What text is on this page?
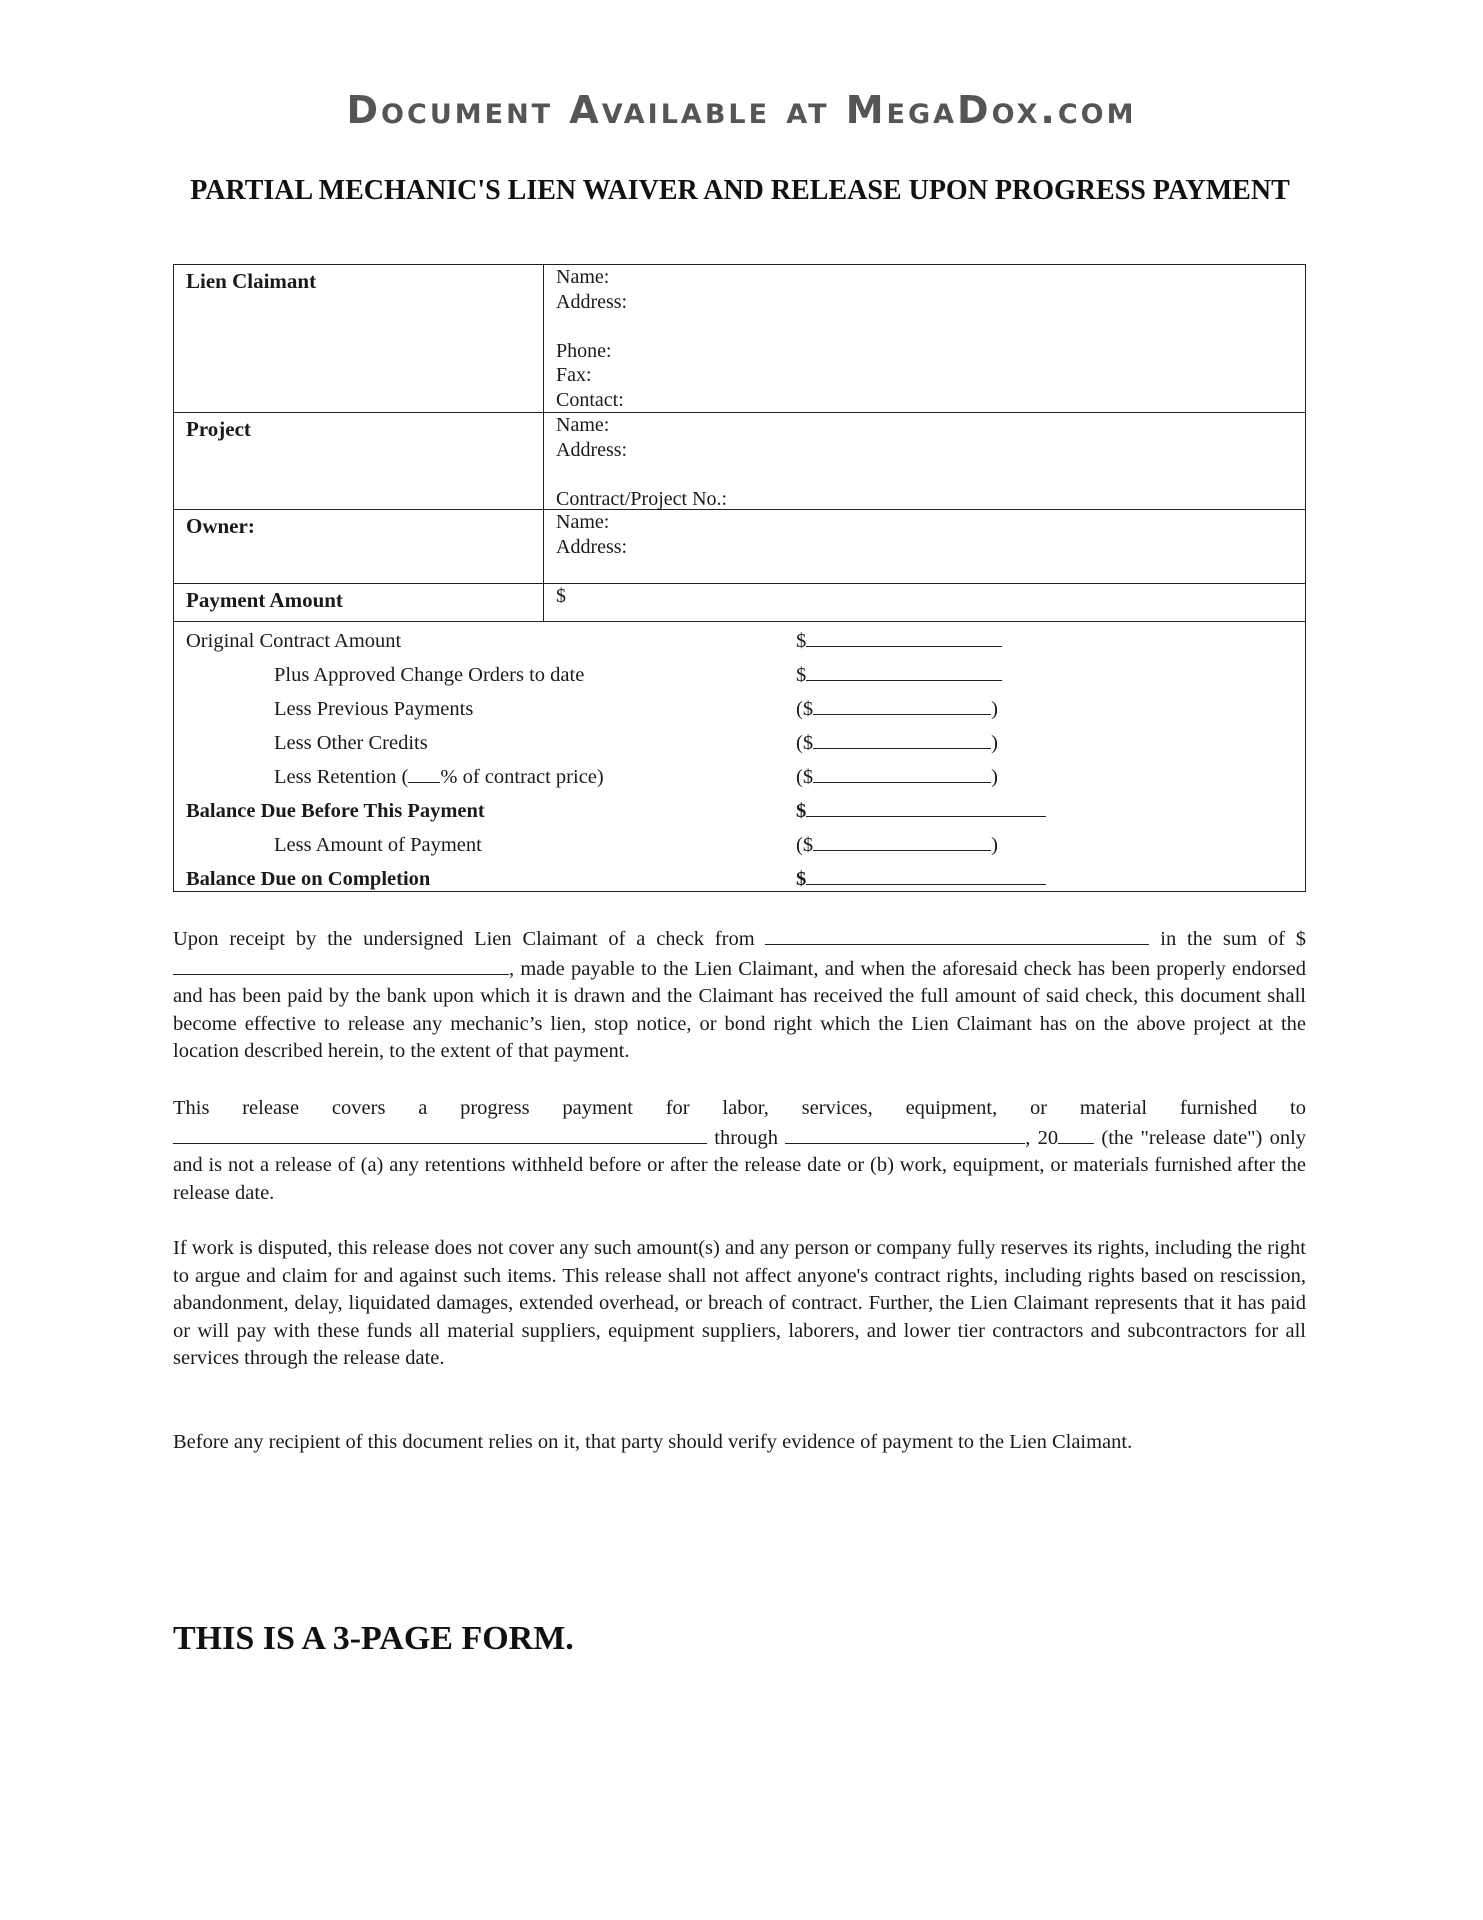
Document Available at MegaDox.com
PARTIAL MECHANIC'S LIEN WAIVER AND RELEASE UPON PROGRESS PAYMENT
Lien Claimant	Name:
Address:
Phone:
Fax:
Contact:
Project	Name:
Address:
Contract/Project No.:
Owner:	Name:
Address:
Payment Amount	$
Original Contract Amount	$
Plus Approved Change Orders to date	$
Less Previous Payments	($	)
Less Other Credits	($	)
Less Retention ( % of contract price)	($	)
Balance Due Before This Payment	$
Less Amount of Payment	($	)
Balance Due on Completion	$
Upon receipt by the undersigned Lien Claimant of a check from	in the sum of $, made payable to the Lien Claimant, and when the aforesaid check has been properly endorsed and has been paid by the bank upon which it is drawn and the Claimant has received the full amount of said check, this document shall become effective to release any mechanic’s lien, stop notice, or bond right which the Lien Claimant has on the above project at the location described herein, to the extent of that payment.
This release covers a progress payment for labor, services, equipment, or material furnished to  through	, 20 (the "release date") only and is not a release of (a) any retentions withheld before or after the release date or (b) work, equipment, or materials furnished after the release date.
If work is disputed, this release does not cover any such amount(s) and any person or company fully reserves its rights, including the right to argue and claim for and against such items. This release shall not affect anyone's contract rights, including rights based on rescission, abandonment, delay, liquidated damages, extended overhead, or breach of contract. Further, the Lien Claimant represents that it has paid or will pay with these funds all material suppliers, equipment suppliers, laborers, and lower tier contractors and subcontractors for all services through the release date.
Before any recipient of this document relies on it, that party should verify evidence of payment to the Lien Claimant.
THIS IS A 3-PAGE FORM.
